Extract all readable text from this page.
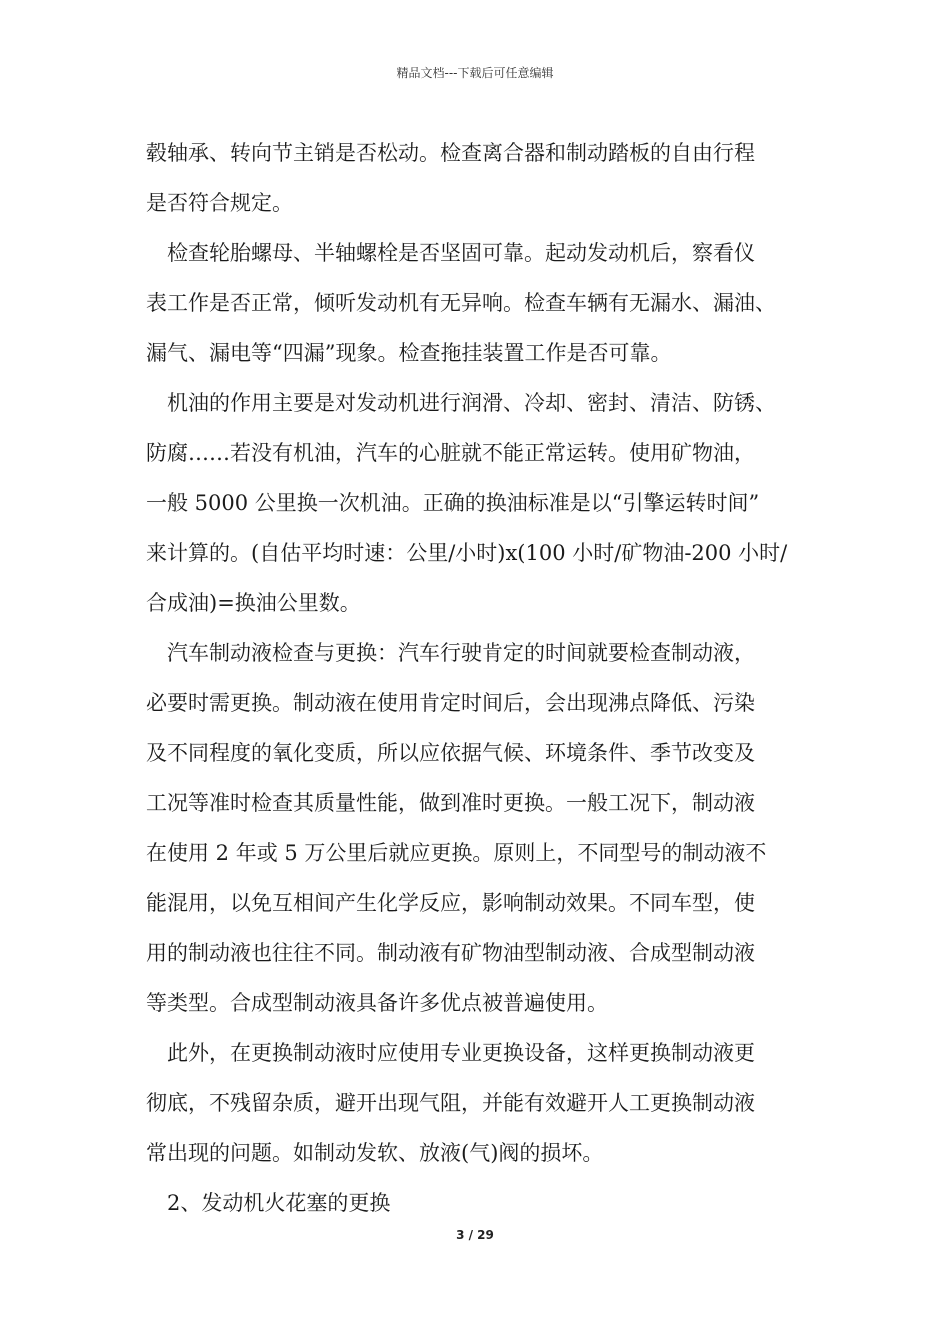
精品文档---下载后可任意编辑
毂轴承、转向节主销是否松动。检查离合器和制动踏板的自由行程
是否符合规定。
检查轮胎螺母、半轴螺栓是否坚固可靠。起动发动机后，察看仪
表工作是否正常，倾听发动机有无异响。检查车辆有无漏水、漏油、
漏气、漏电等“四漏”现象。检查拖挂装置工作是否可靠。
机油的作用主要是对发动机进行润滑、冷却、密封、清洁、防锈、
防腐……若没有机油，汽车的心脏就不能正常运转。使用矿物油，
一般 5000 公里换一次机油。正确的换油标准是以“引擎运转时间”
来计算的。(自估平均时速：公里/小时)x(100 小时/矿物油-200 小时/
合成油)=换油公里数。
汽车制动液检查与更换：汽车行驶肯定的时间就要检查制动液，
必要时需更换。制动液在使用肯定时间后，会出现沸点降低、污染
及不同程度的氧化变质，所以应依据气候、环境条件、季节改变及
工况等准时检查其质量性能，做到准时更换。一般工况下，制动液
在使用 2 年或 5 万公里后就应更换。原则上，不同型号的制动液不
能混用，以免互相间产生化学反应，影响制动效果。不同车型，使
用的制动液也往往不同。制动液有矿物油型制动液、合成型制动液
等类型。合成型制动液具备许多优点被普遍使用。
此外，在更换制动液时应使用专业更换设备，这样更换制动液更
彻底，不残留杂质，避开出现气阻，并能有效避开人工更换制动液
常出现的问题。如制动发软、放液(气)阀的损坏。
2、发动机火花塞的更换
3 / 29
